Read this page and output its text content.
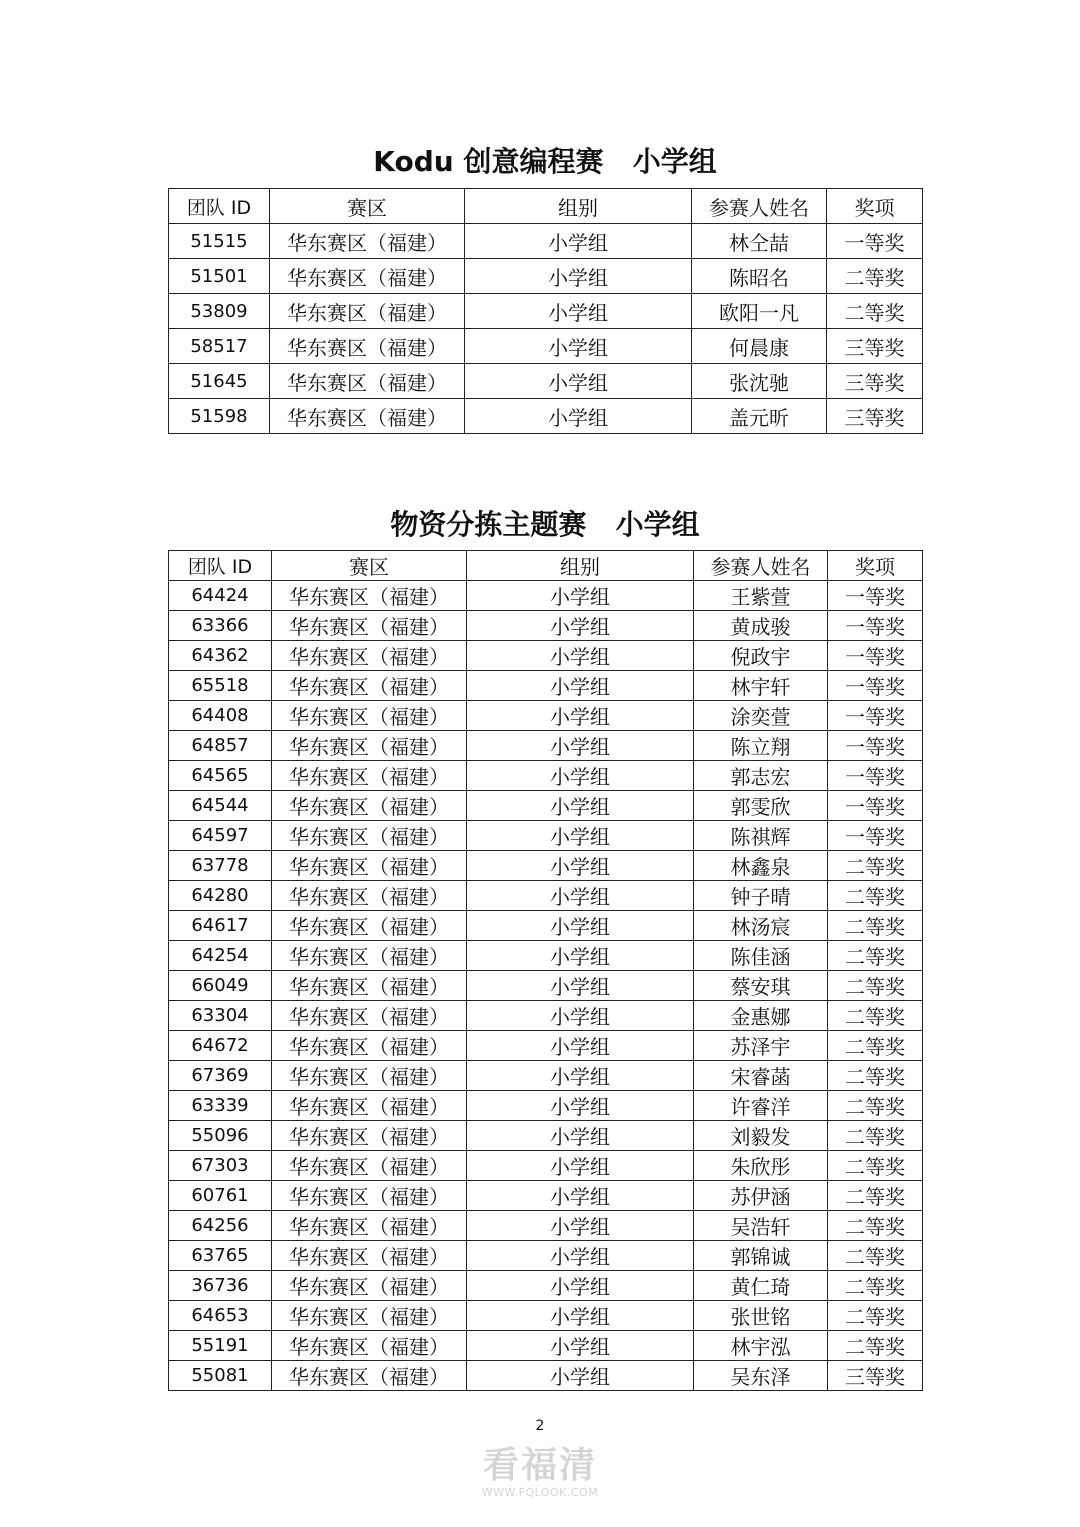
Kodu 创意编程赛   小学组
团队 ID	赛区	组别	参赛人姓名	奖项
51515	华东赛区（福建）	小学组	林仝喆	一等奖
51501	华东赛区（福建）	小学组	陈昭名	二等奖
53809	华东赛区（福建）	小学组	欧阳一凡	二等奖
58517	华东赛区（福建）	小学组	何晨康	三等奖
51645	华东赛区（福建）	小学组	张沈驰	三等奖
51598	华东赛区（福建）	小学组	盖元昕	三等奖
物资分拣主题赛   小学组
团队 ID	赛区	组别	参赛人姓名	奖项
64424	华东赛区（福建）	小学组	王紫萱	一等奖
63366	华东赛区（福建）	小学组	黄成骏	一等奖
64362	华东赛区（福建）	小学组	倪政宇	一等奖
65518	华东赛区（福建）	小学组	林宇轩	一等奖
64408	华东赛区（福建）	小学组	涂奕萱	一等奖
64857	华东赛区（福建）	小学组	陈立翔	一等奖
64565	华东赛区（福建）	小学组	郭志宏	一等奖
64544	华东赛区（福建）	小学组	郭雯欣	一等奖
64597	华东赛区（福建）	小学组	陈祺辉	一等奖
63778	华东赛区（福建）	小学组	林鑫泉	二等奖
64280	华东赛区（福建）	小学组	钟子晴	二等奖
64617	华东赛区（福建）	小学组	林汤宸	二等奖
64254	华东赛区（福建）	小学组	陈佳涵	二等奖
66049	华东赛区（福建）	小学组	蔡安琪	二等奖
63304	华东赛区（福建）	小学组	金惠娜	二等奖
64672	华东赛区（福建）	小学组	苏泽宇	二等奖
67369	华东赛区（福建）	小学组	宋睿菡	二等奖
63339	华东赛区（福建）	小学组	许睿洋	二等奖
55096	华东赛区（福建）	小学组	刘毅发	二等奖
67303	华东赛区（福建）	小学组	朱欣彤	二等奖
60761	华东赛区（福建）	小学组	苏伊涵	二等奖
64256	华东赛区（福建）	小学组	吴浩轩	二等奖
63765	华东赛区（福建）	小学组	郭锦诚	二等奖
36736	华东赛区（福建）	小学组	黄仁琦	二等奖
64653	华东赛区（福建）	小学组	张世铭	二等奖
55191	华东赛区（福建）	小学组	林宇泓	二等奖
55081	华东赛区（福建）	小学组	吴东泽	三等奖
2
看福清
WWW.FQLOOK.COM
